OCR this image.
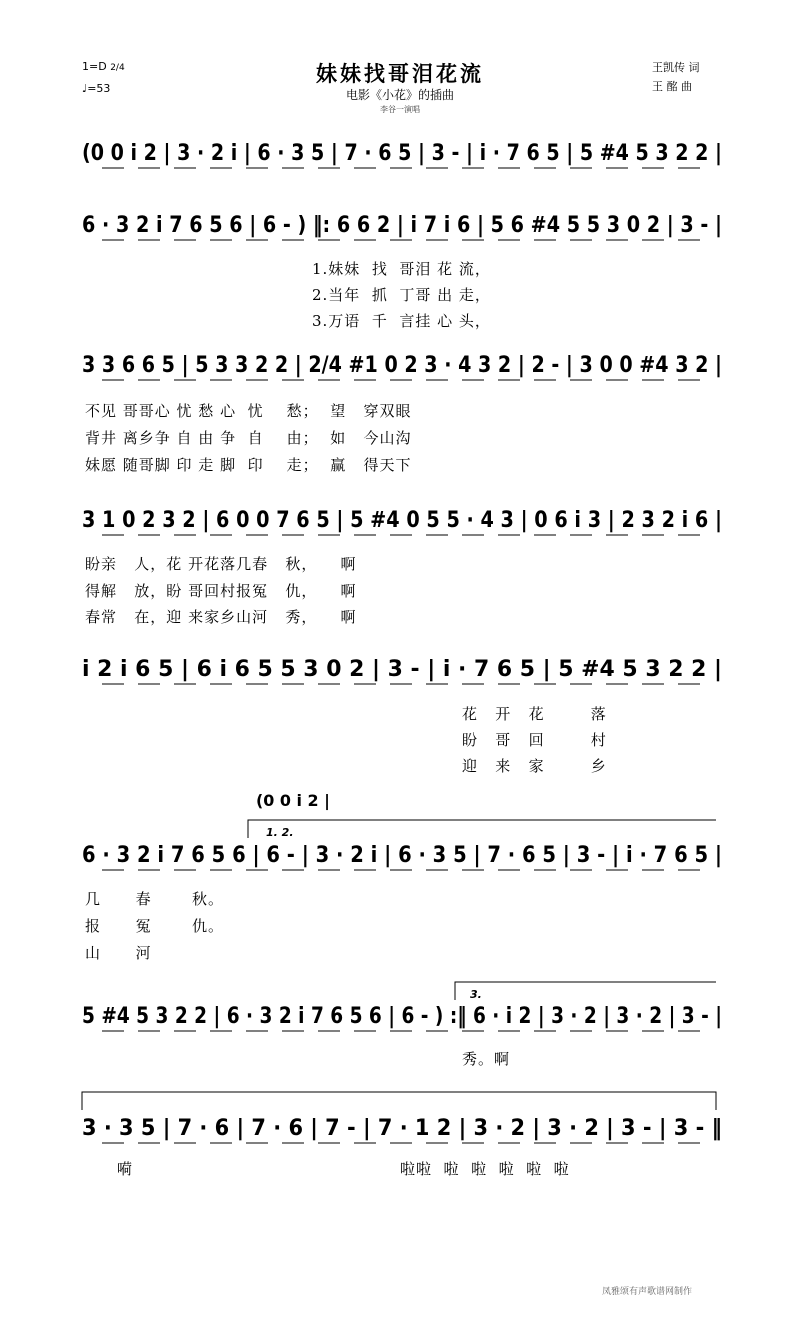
1=D 2/4
♩=53
妹妹找哥泪花流
电影《小花》的插曲
李谷一演唱
王凯传 词
王 酩 曲
(0 0 i 2 | 3 · 2 i | 6 · 3 5 | 7 · 6 5 | 3 - | i · 7 6 5 | 5 #4 5 3 2 2 |
6 · 3 2 i 7 6 5 6 | 6 - ) ‖: 6 6 2 | i 7 i 6 | 5 6 #4 5 5 3 0 2 | 3 - |
3 3 6 6 5 | 5 3 3 2 2 | 2/4 #1 0 2 3 · 4 3 2 | 2 - | 3 0 0 #4 3 2 |
3 1 0 2 3 2 | 6 0 0 7 6 5 | 5 #4 0 5 5 · 4 3 | 0 6 i 3 | 2 3 2 i 6 |
i 2 i 6 5 | 6 i 6 5 5 3 0 2 | 3 - | i · 7 6 5 | 5 #4 5 3 2 2 |
(0 0 i 2 |
6 · 3 2 i 7 6 5 6 | 6 - | 3 · 2 i | 6 · 3 5 | 7 · 6 5 | 3 - | i · 7 6 5 |
5 #4 5 3 2 2 | 6 · 3 2 i 7 6 5 6 | 6 - ) :‖ 6 · i 2 | 3 · 2 | 3 · 2 | 3 - |
3 · 3 5 | 7 · 6 | 7 · 6 | 7 - | 7 · 1 2 | 3 · 2 | 3 · 2 | 3 - | 3 - ‖
1. 2.
3.
1.妹妹  找  哥泪 花 流，
2.当年  抓  丁哥 出 走，
3.万语  千  言挂 心 头，
不见 哥哥心 忧 愁 心  忧    愁；  望   穿双眼
背井 离乡争 自 由 争  自    由；  如   今山沟
妹愿 随哥脚 印 走 脚  印    走；  赢   得天下
盼亲   人，花 开花落几春   秋，    啊
得解   放，盼 哥回村报冤   仇，    啊
春常   在，迎 来家乡山河   秀，    啊
花   开   花        落
盼   哥   回        村
迎   来   家        乡
几      春       秋。
报      冤       仇。
山      河
秀。啊
嗬	啦啦  啦  啦  啦  啦  啦
凤雅颂有声歌谱网制作
